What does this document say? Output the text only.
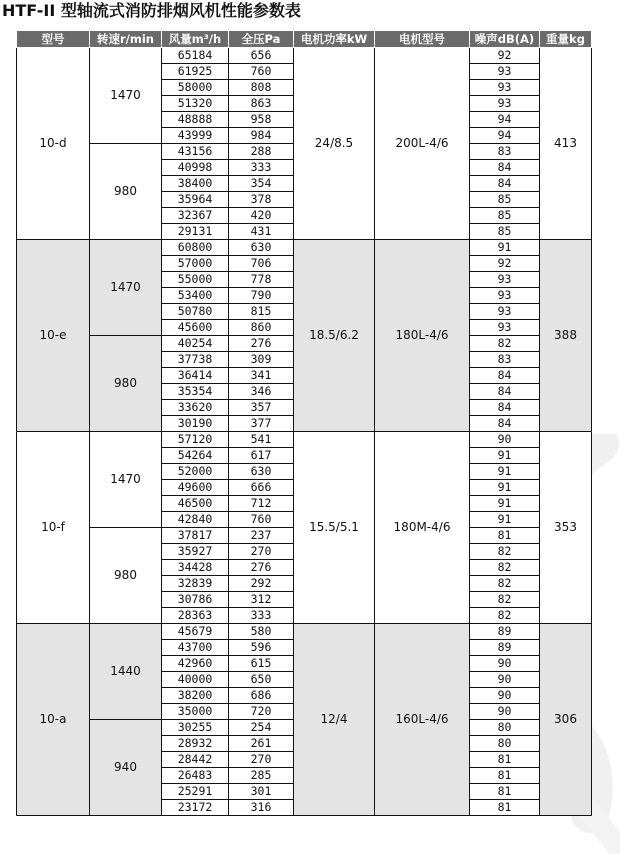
HTF-II 型轴流式消防排烟风机性能参数表
型号	转速r/min	风量m³/h	全压Pa	电机功率kW	电机型号	噪声dB(A)	重量kg
10-d	1470	65184	656	24/8.5	200L-4/6	92	413
		61925	760			93	
		58000	808			93	
		51320	863			93	
		48888	958			94	
		43999	984			94	
	980	43156	288			83	
		40998	333			84	
		38400	354			84	
		35964	378			85	
		32367	420			85	
		29131	431			85	
10-e	1470	60800	630	18.5/6.2	180L-4/6	91	388
		57000	706			92	
		55000	778			93	
		53400	790			93	
		50780	815			93	
		45600	860			93	
	980	40254	276			82	
		37738	309			83	
		36414	341			84	
		35354	346			84	
		33620	357			84	
		30190	377			84	
10-f	1470	57120	541	15.5/5.1	180M-4/6	90	353
		54264	617			91	
		52000	630			91	
		49600	666			91	
		46500	712			91	
		42840	760			91	
	980	37817	237			81	
		35927	270			82	
		34428	276			82	
		32839	292			82	
		30786	312			82	
		28363	333			82	
10-a	1440	45679	580	12/4	160L-4/6	89	306
		43700	596			89	
		42960	615			90	
		40000	650			90	
		38200	686			90	
		35000	720			90	
	940	30255	254			80	
		28932	261			80	
		28442	270			81	
		26483	285			81	
		25291	301			81	
		23172	316			81	
